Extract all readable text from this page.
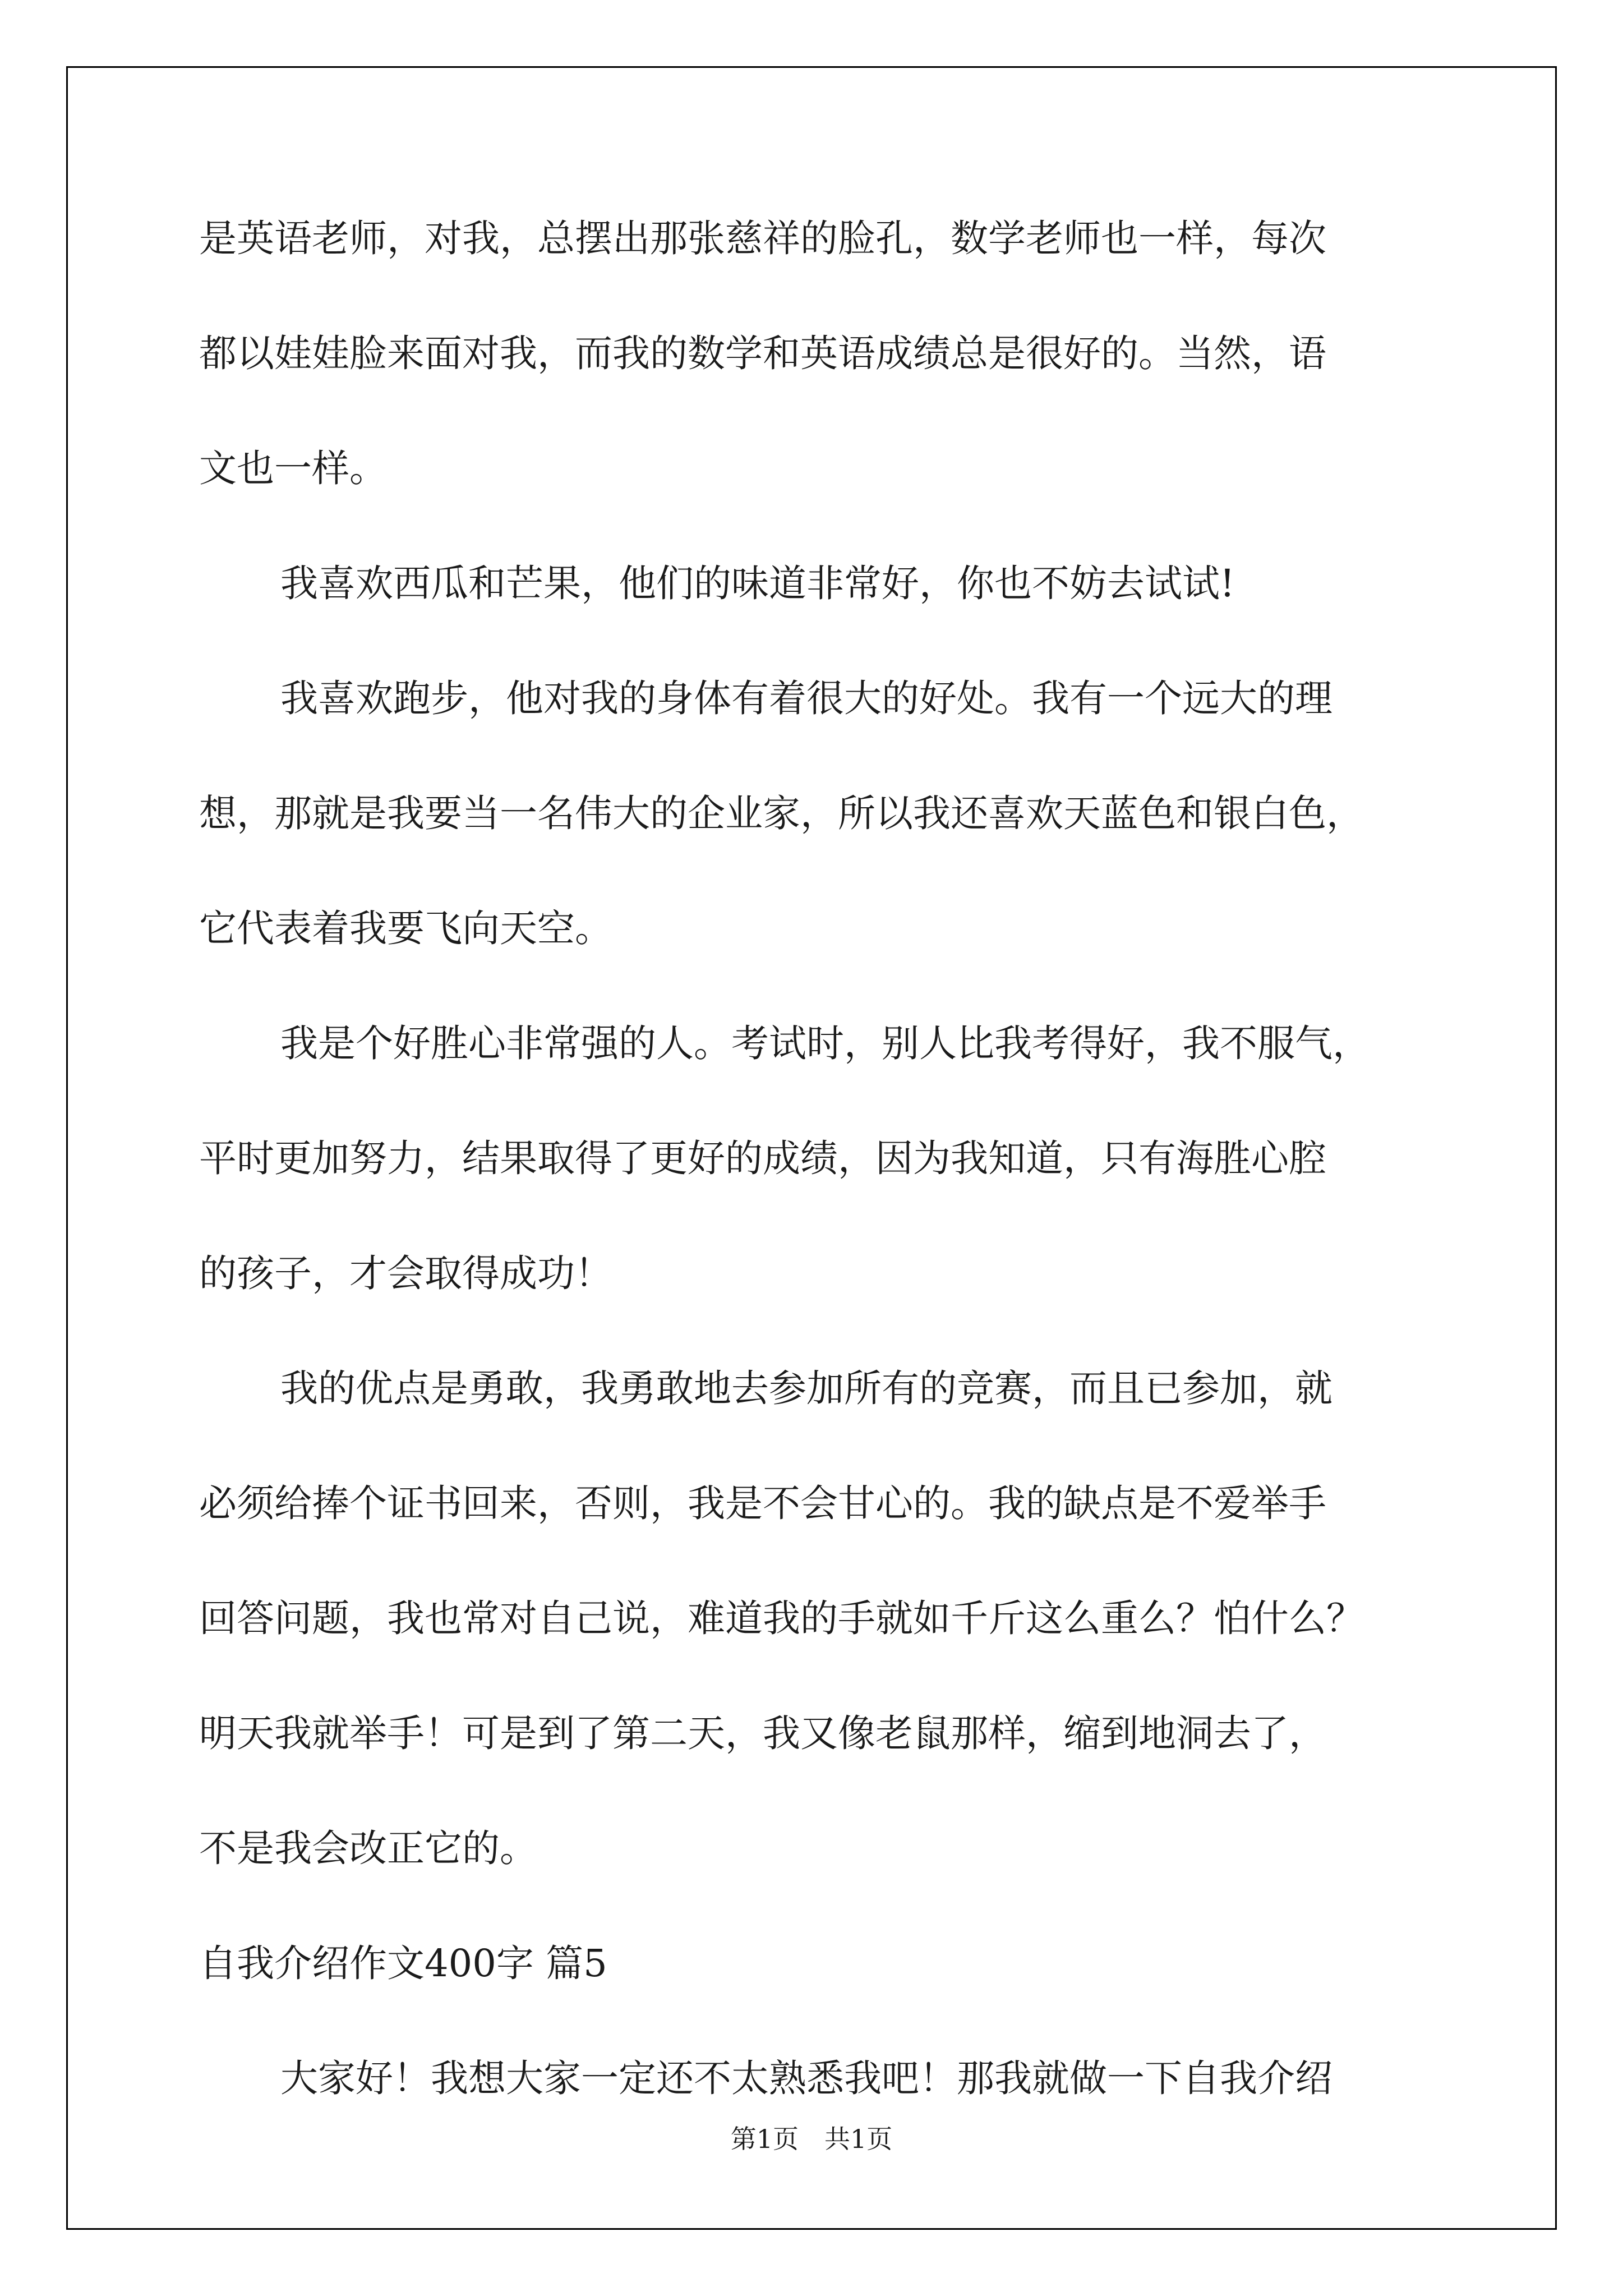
是英语老师，对我，总摆出那张慈祥的脸孔，数学老师也一样，每次
都以娃娃脸来面对我，而我的数学和英语成绩总是很好的。当然，语
文也一样。
我喜欢西瓜和芒果，他们的味道非常好，你也不妨去试试!
我喜欢跑步，他对我的身体有着很大的好处。我有一个远大的理
想，那就是我要当一名伟大的企业家，所以我还喜欢天蓝色和银白色，
它代表着我要飞向天空。
我是个好胜心非常强的人。考试时，别人比我考得好，我不服气，
平时更加努力，结果取得了更好的成绩，因为我知道，只有海胜心腔
的孩子，才会取得成功！
我的优点是勇敢，我勇敢地去参加所有的竞赛，而且已参加，就
必须给捧个证书回来，否则，我是不会甘心的。我的缺点是不爱举手
回答问题，我也常对自己说，难道我的手就如千斤这么重么？怕什么？
明天我就举手！可是到了第二天，我又像老鼠那样，缩到地洞去了，
不是我会改正它的。
自我介绍作文400字 篇5
大家好！我想大家一定还不太熟悉我吧！那我就做一下自我介绍
第1页　共1页
